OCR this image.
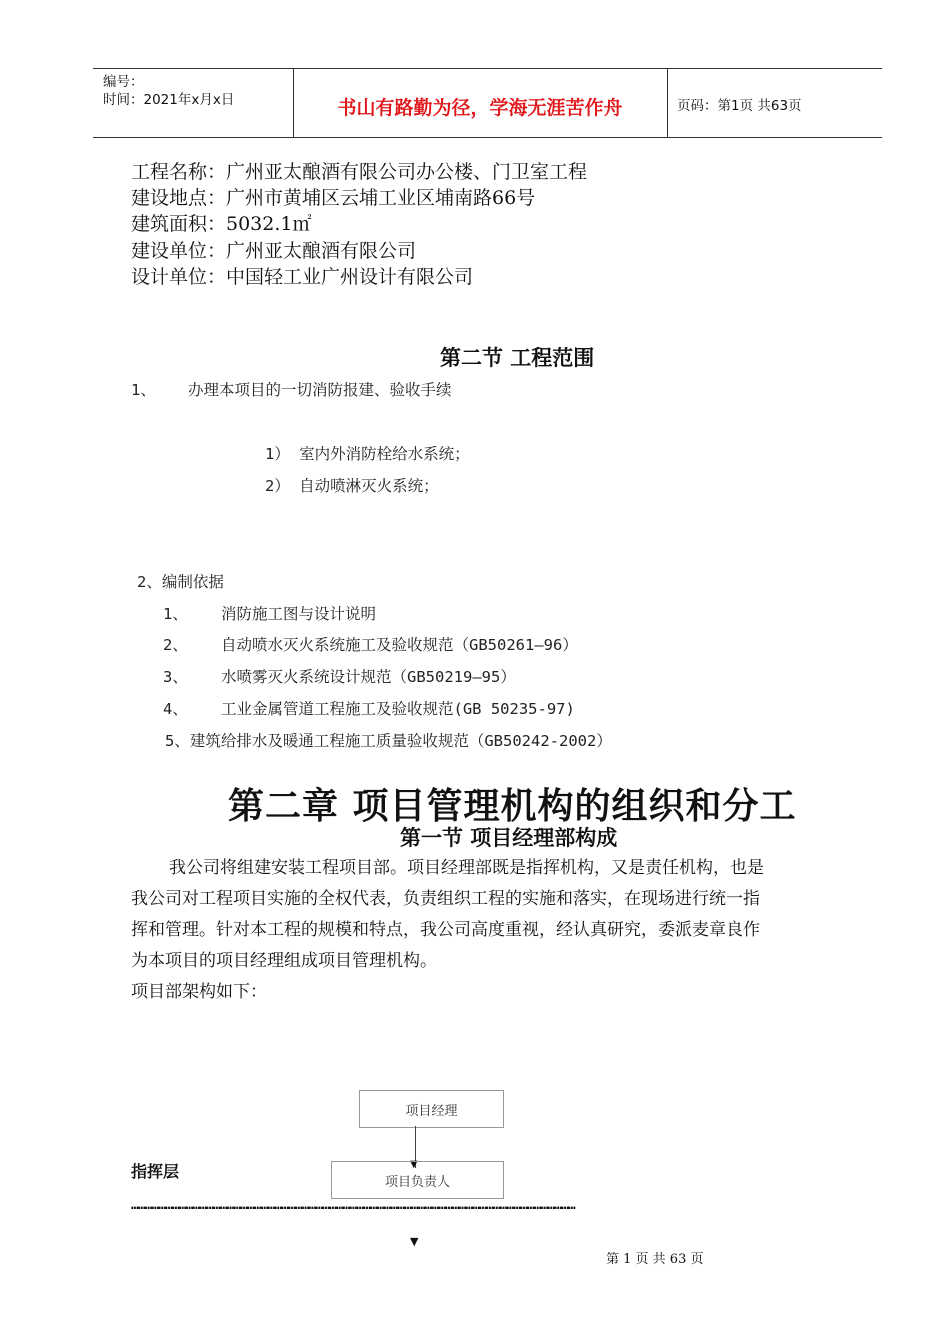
编号：
时间：2021年x月x日	书山有路勤为径，学海无涯苦作舟	页码：第1页 共63页
工程名称：广州亚太酿酒有限公司办公楼、门卫室工程
建设地点：广州市黄埔区云埔工业区埔南路66号
建筑面积：5032.1㎡
建设单位：广州亚太酿酒有限公司
设计单位：中国轻工业广州设计有限公司
第二节 工程范围
1、 办理本项目的一切消防报建、验收手续
1） 室内外消防栓给水系统；
2） 自动喷淋灭火系统；
2、编制依据
1、 消防施工图与设计说明
2、 自动喷水灭火系统施工及验收规范（GB50261—96）
3、 水喷雾灭火系统设计规范（GB50219—95）
4、 工业金属管道工程施工及验收规范(GB 50235-97)
5、建筑给排水及暖通工程施工质量验收规范（GB50242-2002）
第二章 项目管理机构的组织和分工
第一节 项目经理部构成
我公司将组建安装工程项目部。项目经理部既是指挥机构，又是责任机构，也是
我公司对工程项目实施的全权代表，负责组织工程的实施和落实，在现场进行统一指
挥和管理。针对本工程的规模和特点，我公司高度重视，经认真研究，委派麦章良作
为本项目的项目经理组成项目管理机构。
项目部架构如下：
项目经理
▼
项目负责人
指挥层
……………………………………………………………………………………………………………………………………………………………………………
▼
第 1 页 共 63 页
